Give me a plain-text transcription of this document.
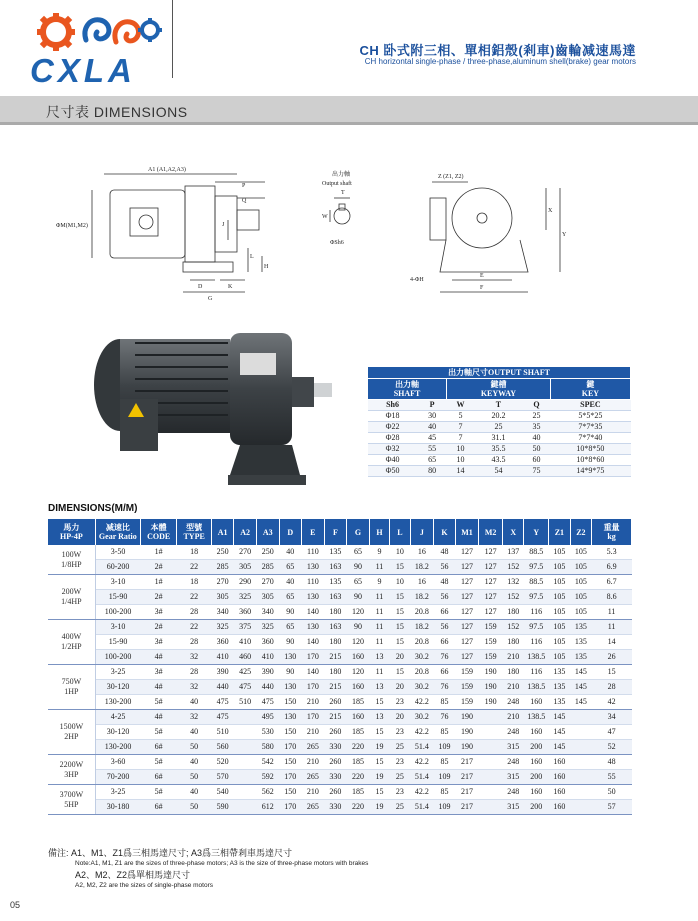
CXLA
CH 卧式附三相、單相鋁殼(剎車)齒輪减速馬達
CH horizontal single-phase / three-phase,aluminum shell(brake) gear motors
尺寸表 DIMENSIONS
A1 (A1,A2,A3)
ΦM(M1,M2)
P
Q
J
L
H
D	K
G
出力軸
Output shaft
T
W
ΦSh6
Z (Z1, Z2)
X
Y
E
F
4-ΦH
出力軸尺寸OUTPUT SHAFT					
出力軸
SHAFT		鍵槽
KEYWAY			鍵
KEY
Sh6	P	W	T	Q	SPEC
Φ18	30	5	20.2	25	5*5*25
Φ22	40	7	25	35	7*7*35
Φ28	45	7	31.1	40	7*7*40
Φ32	55	10	35.5	50	10*8*50
Φ40	65	10	43.5	60	10*8*60
Φ50	80	14	54	75	14*9*75
DIMENSIONS(M/M)
馬力
HP-4P	减速比
Gear Ratio	本體
CODE	型號
TYPE	A1	A2	A3	D	E	F	G	H	L	J	K	M1	M2	X	Y	Z1	Z2	重量
kg

100W
1/8HP	3-50	1#	18	250	270	250	40	110	135	65	9	10	16	48	127	127	137	88.5	105	105	5.3
	60-200	2#	22	285	305	285	65	130	163	90	11	15	18.2	56	127	127	152	97.5	105	105	6.9

200W
1/4HP	3-10	1#	18	270	290	270	40	110	135	65	9	10	16	48	127	127	132	88.5	105	105	6.7
	15-90	2#	22	305	325	305	65	130	163	90	11	15	18.2	56	127	127	152	97.5	105	105	8.6
	100-200	3#	28	340	360	340	90	140	180	120	11	15	20.8	66	127	127	180	116	105	105	11

400W
1/2HP	3-10	2#	22	325	375	325	65	130	163	90	11	15	18.2	56	127	159	152	97.5	105	135	11
	15-90	3#	28	360	410	360	90	140	180	120	11	15	20.8	66	127	159	180	116	105	135	14
	100-200	4#	32	410	460	410	130	170	215	160	13	20	30.2	76	127	159	210	138.5	105	135	26

750W
1HP	3-25	3#	28	390	425	390	90	140	180	120	11	15	20.8	66	159	190	180	116	135	145	15
	30-120	4#	32	440	475	440	130	170	215	160	13	20	30.2	76	159	190	210	138.5	135	145	28
	130-200	5#	40	475	510	475	150	210	260	185	15	23	42.2	85	159	190	248	160	135	145	42

1500W
2HP	4-25	4#	32	475		495	130	170	215	160	13	20	30.2	76	190		210	138.5	145		34
	30-120	5#	40	510		530	150	210	260	185	15	23	42.2	85	190		248	160	145		47
	130-200	6#	50	560		580	170	265	330	220	19	25	51.4	109	190		315	200	145		52

2200W
3HP	3-60	5#	40	520		542	150	210	260	185	15	23	42.2	85	217		248	160	160		48
	70-200	6#	50	570		592	170	265	330	220	19	25	51.4	109	217		315	200	160		55

3700W
5HP	3-25	5#	40	540		562	150	210	260	185	15	23	42.2	85	217		248	160	160		50
	30-180	6#	50	590		612	170	265	330	220	19	25	51.4	109	217		315	200	160		57
備注: A1、M1、Z1爲三相馬達尺寸; A3爲三相帶剎車馬達尺寸
Note:A1, M1, Z1 are the sizes of three-phase motors; A3 is the size of three-phase motors with brakes
A2、M2、Z2爲單相馬達尺寸
A2, M2, Z2 are the sizes of single-phase motors
05
